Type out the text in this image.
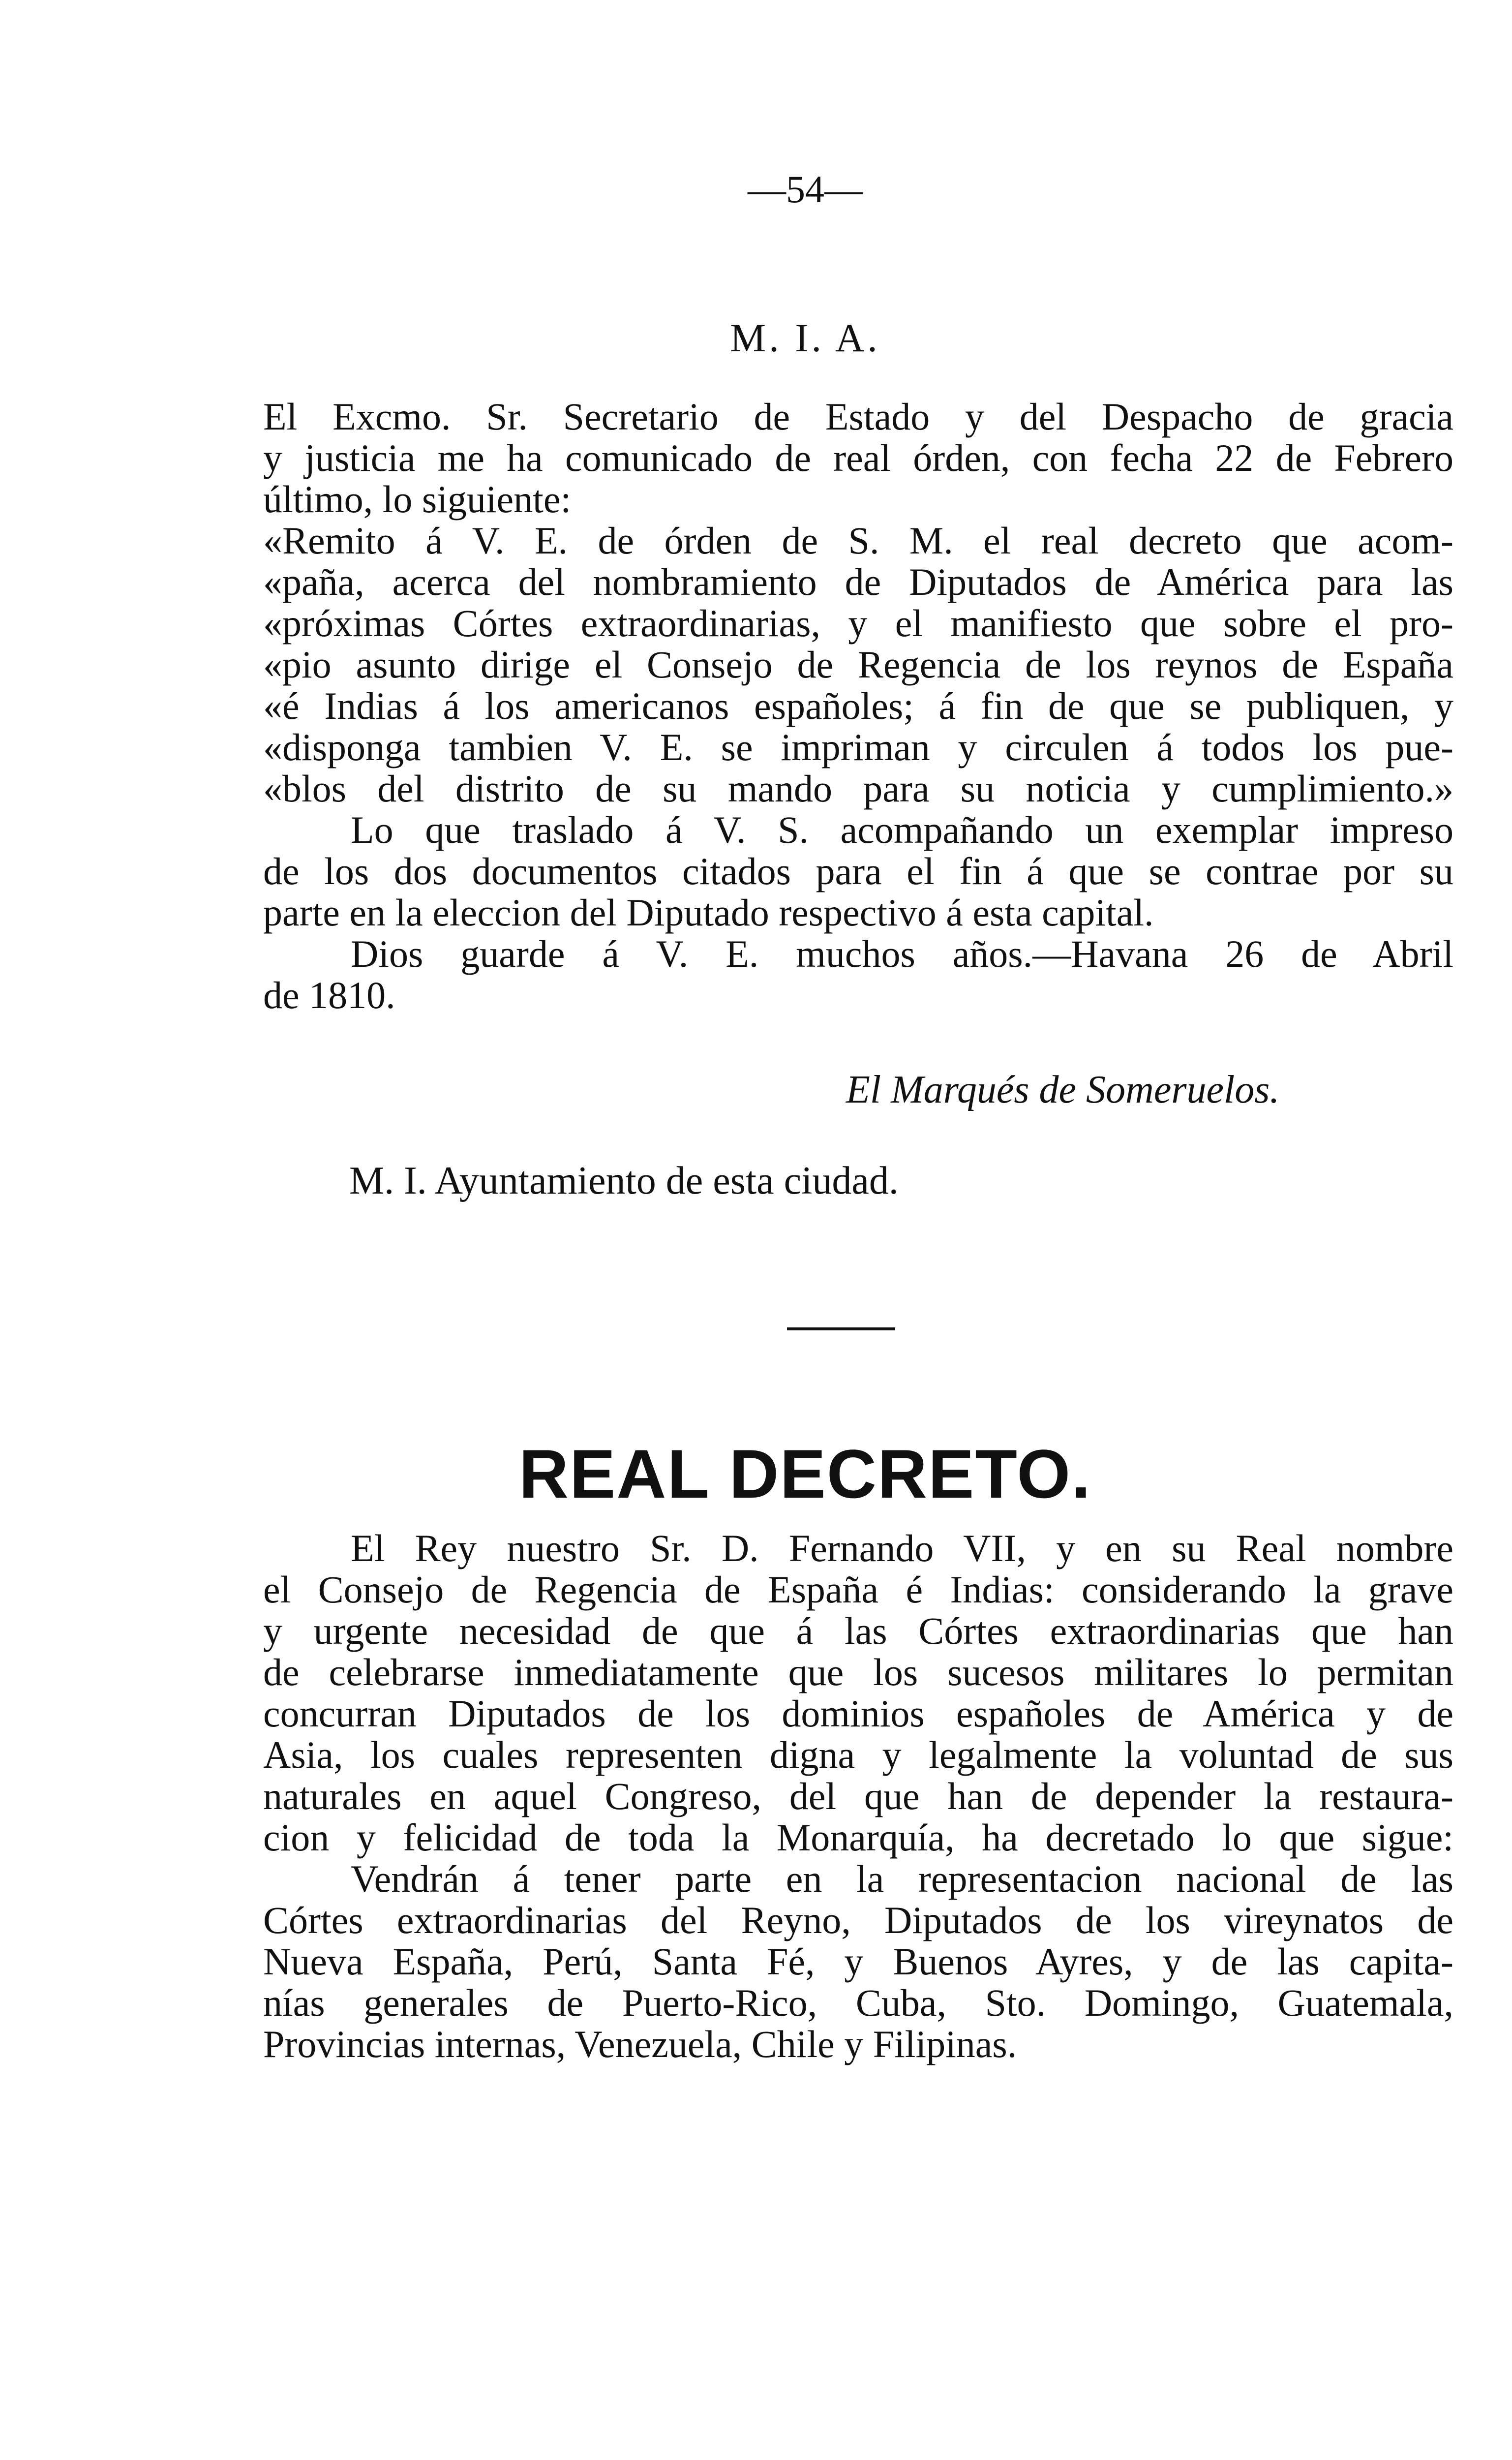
—54—
M. I. A.
El Excmo. Sr. Secretario de Estado y del Despacho de gracia
y justicia me ha comunicado de real órden, con fecha 22 de Febrero
último, lo siguiente:
«Remito á V. E. de órden de S. M. el real decreto que acom-
«paña, acerca del nombramiento de Diputados de América para las
«próximas Córtes extraordinarias, y el manifiesto que sobre el pro-
«pio asunto dirige el Consejo de Regencia de los reynos de España
«é Indias á los americanos españoles; á fin de que se publiquen, y
«disponga tambien V. E. se impriman y circulen á todos los pue-
«blos del distrito de su mando para su noticia y cumplimiento.»
Lo que traslado á V. S. acompañando un exemplar impreso
de los dos documentos citados para el fin á que se contrae por su
parte en la eleccion del Diputado respectivo á esta capital.
Dios guarde á V. E. muchos años.—Havana 26 de Abril
de 1810.
El Marqués de Someruelos.
M. I. Ayuntamiento de esta ciudad.
REAL DECRETO.
El Rey nuestro Sr. D. Fernando VII, y en su Real nombre
el Consejo de Regencia de España é Indias: considerando la grave
y urgente necesidad de que á las Córtes extraordinarias que han
de celebrarse inmediatamente que los sucesos militares lo permitan
concurran Diputados de los dominios españoles de América y de
Asia, los cuales representen digna y legalmente la voluntad de sus
naturales en aquel Congreso, del que han de depender la restaura-
cion y felicidad de toda la Monarquía, ha decretado lo que sigue:
Vendrán á tener parte en la representacion nacional de las
Córtes extraordinarias del Reyno, Diputados de los vireynatos de
Nueva España, Perú, Santa Fé, y Buenos Ayres, y de las capita-
nías generales de Puerto-Rico, Cuba, Sto. Domingo, Guatemala,
Provincias internas, Venezuela, Chile y Filipinas.
